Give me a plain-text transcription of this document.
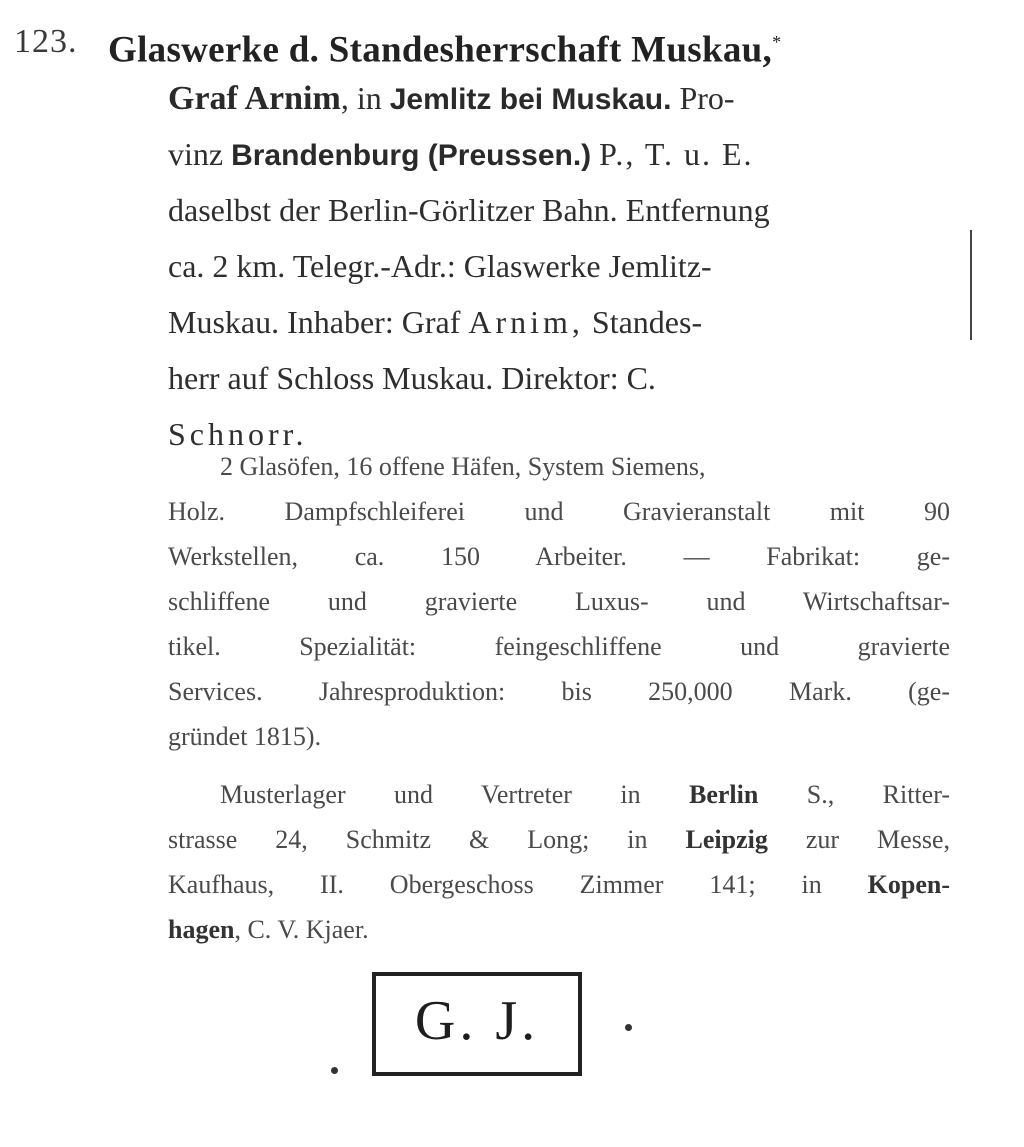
123. Glaswerke d. Standesherrschaft Muskau,*
Graf Arnim, in Jemlitz bei Muskau. Pro-
vinz Brandenburg (Preussen.) P., T. u. E.
daselbst der Berlin-Görlitzer Bahn. Entfernung
ca. 2 km. Telegr.-Adr.: Glaswerke Jemlitz-
Muskau. Inhaber: Graf Arnim, Standes-
herr auf Schloss Muskau. Direktor: C.
Schnorr.
2 Glasöfen, 16 offene Häfen, System Siemens,
Holz. Dampfschleiferei und Gravieranstalt mit 90
Werkstellen, ca. 150 Arbeiter. — Fabrikat: ge-
schliffene und gravierte Luxus- und Wirtschaftsar-
tikel. Spezialität: feingeschliffene und gravierte
Services. Jahresproduktion: bis 250,000 Mark. (ge-
gründet 1815).
Musterlager und Vertreter in Berlin S., Ritter-
strasse 24, Schmitz & Long; in Leipzig zur Messe,
Kaufhaus, II. Obergeschoss Zimmer 141; in Kopen-
hagen, C. V. Kjaer.
G. J.
